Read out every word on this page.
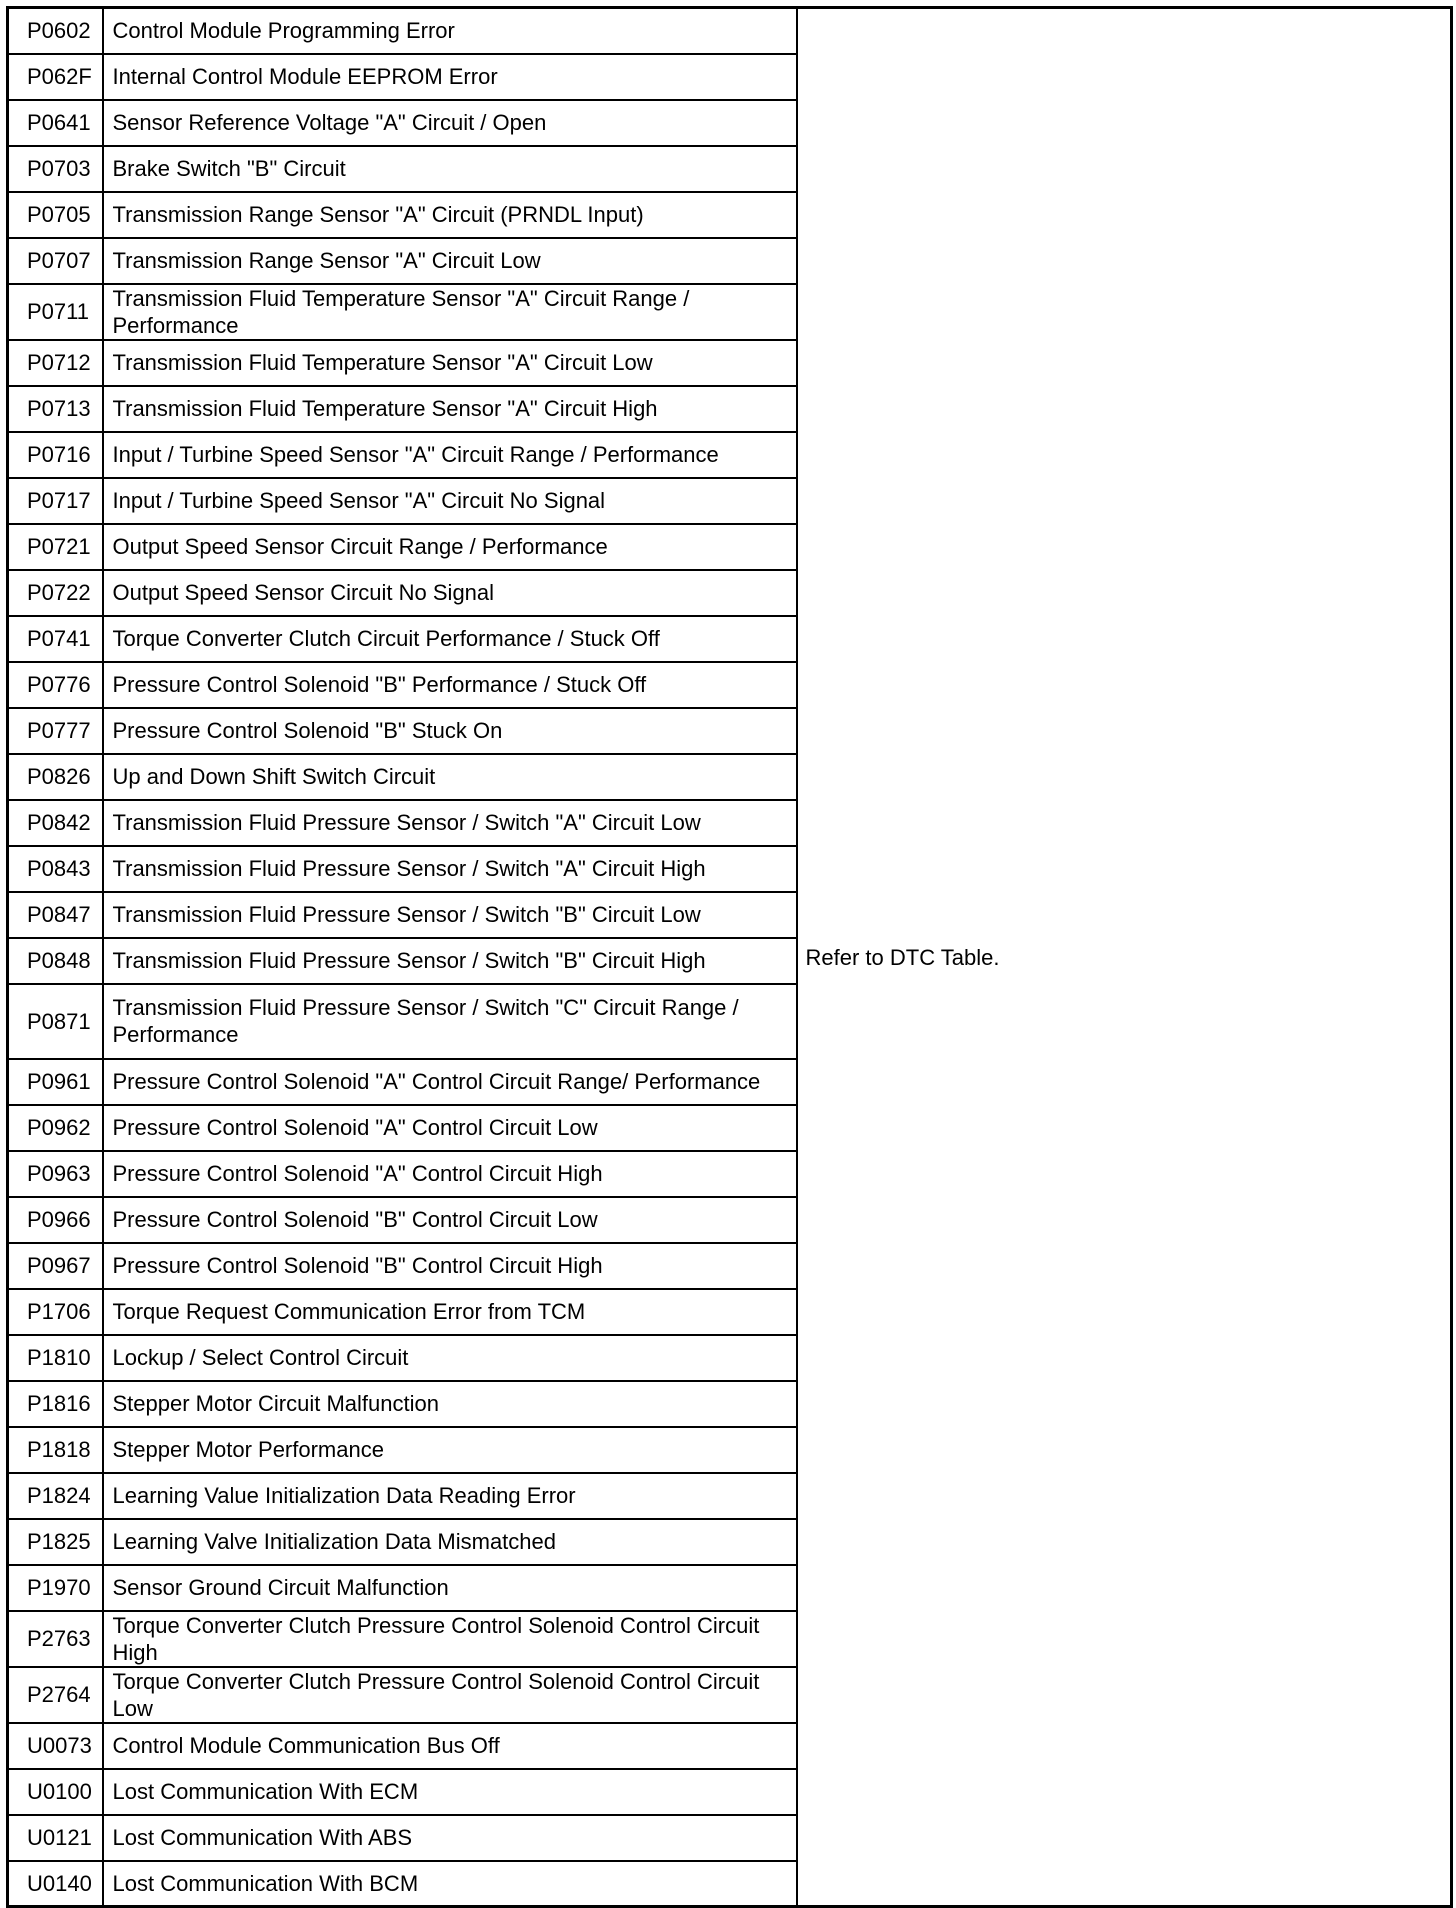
P0602	Control Module Programming Error	Refer to DTC Table.
P062F	Internal Control Module EEPROM Error	
P0641	Sensor Reference Voltage "A" Circuit / Open	
P0703	Brake Switch "B" Circuit	
P0705	Transmission Range Sensor "A" Circuit (PRNDL Input)	
P0707	Transmission Range Sensor "A" Circuit Low	
P0711	Transmission Fluid Temperature Sensor "A" Circuit Range / Performance	
P0712	Transmission Fluid Temperature Sensor "A" Circuit Low	
P0713	Transmission Fluid Temperature Sensor "A" Circuit High	
P0716	Input / Turbine Speed Sensor "A" Circuit Range / Performance	
P0717	Input / Turbine Speed Sensor "A" Circuit No Signal	
P0721	Output Speed Sensor Circuit Range / Performance	
P0722	Output Speed Sensor Circuit No Signal	
P0741	Torque Converter Clutch Circuit Performance / Stuck Off	
P0776	Pressure Control Solenoid "B" Performance / Stuck Off	
P0777	Pressure Control Solenoid "B" Stuck On	
P0826	Up and Down Shift Switch Circuit	
P0842	Transmission Fluid Pressure Sensor / Switch "A" Circuit Low	
P0843	Transmission Fluid Pressure Sensor / Switch "A" Circuit High	
P0847	Transmission Fluid Pressure Sensor / Switch "B" Circuit Low	
P0848	Transmission Fluid Pressure Sensor / Switch "B" Circuit High	
P0871	Transmission Fluid Pressure Sensor / Switch "C" Circuit Range / Performance	
P0961	Pressure Control Solenoid "A" Control Circuit Range/ Performance	
P0962	Pressure Control Solenoid "A" Control Circuit Low	
P0963	Pressure Control Solenoid "A" Control Circuit High	
P0966	Pressure Control Solenoid "B" Control Circuit Low	
P0967	Pressure Control Solenoid "B" Control Circuit High	
P1706	Torque Request Communication Error from TCM	
P1810	Lockup / Select Control Circuit	
P1816	Stepper Motor Circuit Malfunction	
P1818	Stepper Motor Performance	
P1824	Learning Value Initialization Data Reading Error	
P1825	Learning Valve Initialization Data Mismatched	
P1970	Sensor Ground Circuit Malfunction	
P2763	Torque Converter Clutch Pressure Control Solenoid Control Circuit High	
P2764	Torque Converter Clutch Pressure Control Solenoid Control Circuit Low	
U0073	Control Module Communication Bus Off	
U0100	Lost Communication With ECM	
U0121	Lost Communication With ABS	
U0140	Lost Communication With BCM	
